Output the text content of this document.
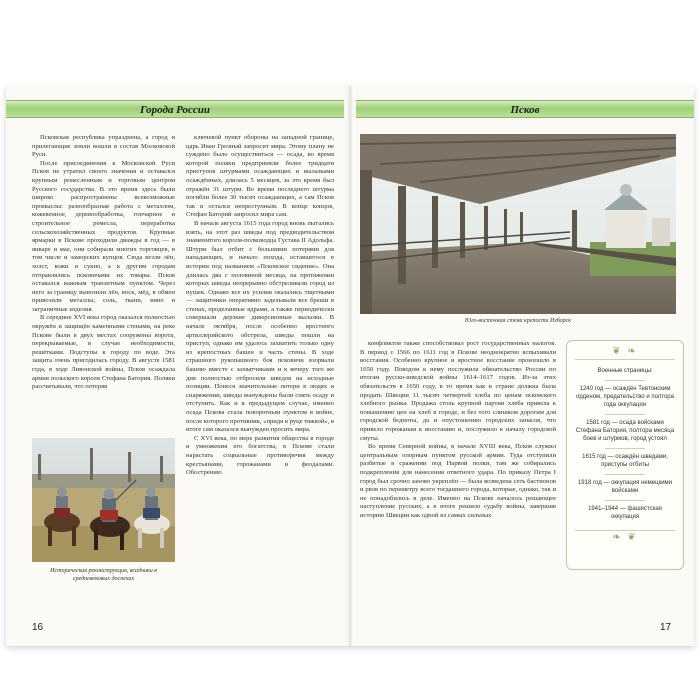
Города России

Псковская республика упразднена, а город и прилегающие земли вошли в состав Московской Руси.

После присоединения к Московской Руси Псков не утратил своего значения и оставался крупным ремесленным и торговым центром Русского государства. В это время здесь были широко распространены всевозможные промыслы: разнообразная работа с металлом, кожевенное, деревообработка, гончарное и строительное ремесла, переработка сельскохозяйственных продуктов. Крупные ярмарки в Пскове проходили дважды в год — в январе и мае, они собирали многих торговцев, в том числе и заморских купцов. Сюда везли лён, холст, кожи и сукно, а к другим городам отправлялись псковичами их товары. Псков оставался важным транзитным пунктом. Через него за границу вывозили лён, воск, мёд, в обмен привозили металлы, соль, ткани, вино и заграничные изделия.

В середине XVI века город оказался полностью окружён и защищён каменными стенами, на реке Пскове были в двух местах сооружены ворота, перекрываемые, в случае необходимости, решётками. Подступы к городу по воде. Эта защита очень пригодилась городу. В августе 1581 года, в ходе Ливонской войны, Псков осаждала армия польского короля Стефана Батория. Поляки рассчитывали, что потеряв

Историческая реконструкция, всадники в средневековых доспехах

ключевой пункт обороны на западной границе, царь Иван Грозный запросит мира. Этому плану не суждено было осуществиться — осада, во время которой поляки предприняли более тридцати приступов штурмами осаждающих и вылазками осаждённых, длилась 5 месяцев, за это время был отражён 31 штурм. Во время последнего штурма погибли более 30 тысяч осаждающих, а сам Псков так и остался непреступным. В конце концов, Стефан Баторий запросил мира сам.

В начале августа 1615 года город вновь пытались взять, на этот раз шведы под предводительством знаменитого короля-полководца Густава II Адольфа. Штурм был отбит с большими потерями для нападающих, и начало похода, оставшегося в истории под названием «Псковское сидение». Она длилась два с половиной месяца, на протяжении которых шведы непрерывно обстреливали город из пушек. Однако все их усилия оказались тщетными — защитники оперативно заделывали все бреши в стенах, проделанные ядрами, а также периодически совершали дерзкие диверсионные вылазки. В начале октября, после особенно яростного артиллерийского обстрела, шведы пошли на приступ, однако им удалось захватить только одну из крепостных башен и часть стены. В ходе страшного рукопашного боя псковичи взорвали башню вместе с захватчиками и к вечеру того же дня полностью отбросили шведов на исходные позиции. Понеся значительные потери в людях и снаряжении, шведы вынуждены были снять осаду и отступить. Как и в предыдущем случае, именно осада Пскова стала поворотным пунктом в войне, после которого противник, «придя в руце тяжкой», в итоге сам оказался вынужден просить мира.

С XVI века, по мере развития общества в городе и умножения его богатства, в Пскове стали нарастать социальные противоречия между крестьянами, горожанами и феодалами. Обострению

16
Псков
Юго-восточная стена крепости Изборск

конфликтов также способствовал рост государственных налогов. В период с 1566 по 1611 год в Пскове неоднократно вспыхивали восстания. Особенно крупное и яростное восстание произошло в 1650 году. Поводом к нему послужила обязательство России по итогам русско-шведской войны 1614–1617 годов. Из-за этих обязательств в 1650 году, в то время как в стране должна была продать Швеции 11 тысяч четвертей хлеба по ценам псковского хлебного рынка. Продажа столь крупной партии хлеба привела к повышению цен на хлеб в городе, и без того слишком дорогим для городской бедноты, да и опустошению городских запасов, что привело горожанам к восстанию и, послужило к началу городской смуты.

Во время Северной войны, в начале XVIII века, Псков служил центральным опорным пунктом русской армии. Туда отступили разбитые в сражении под Нарвой полки, там же собирались подкрепления для нанесения ответного удара. По приказу Петра I город был срочно заново укреплён — была возведена сеть бастионов и рвов по периметру всего тогдашнего города, которые, однако, так и не понадобились в деле. Именно на Пскове началось решающее наступление русских, а в итоге решило судьбу войны, завершив историю Швеции как одной из самых сильных

❦ ❧
Военные страницы:
1240 год — осаждён Тевтонским орденом, предательство и полтора года оккупации
1581 год — осада войсками Стефана Батория, полтора месяца боев и штурмов, город устоял
1615 год — осаждён шведами, приступы отбиты
1918 год — оккупация немецкими войсками
1941–1944 — фашистская оккупация
❧ ❦
17
